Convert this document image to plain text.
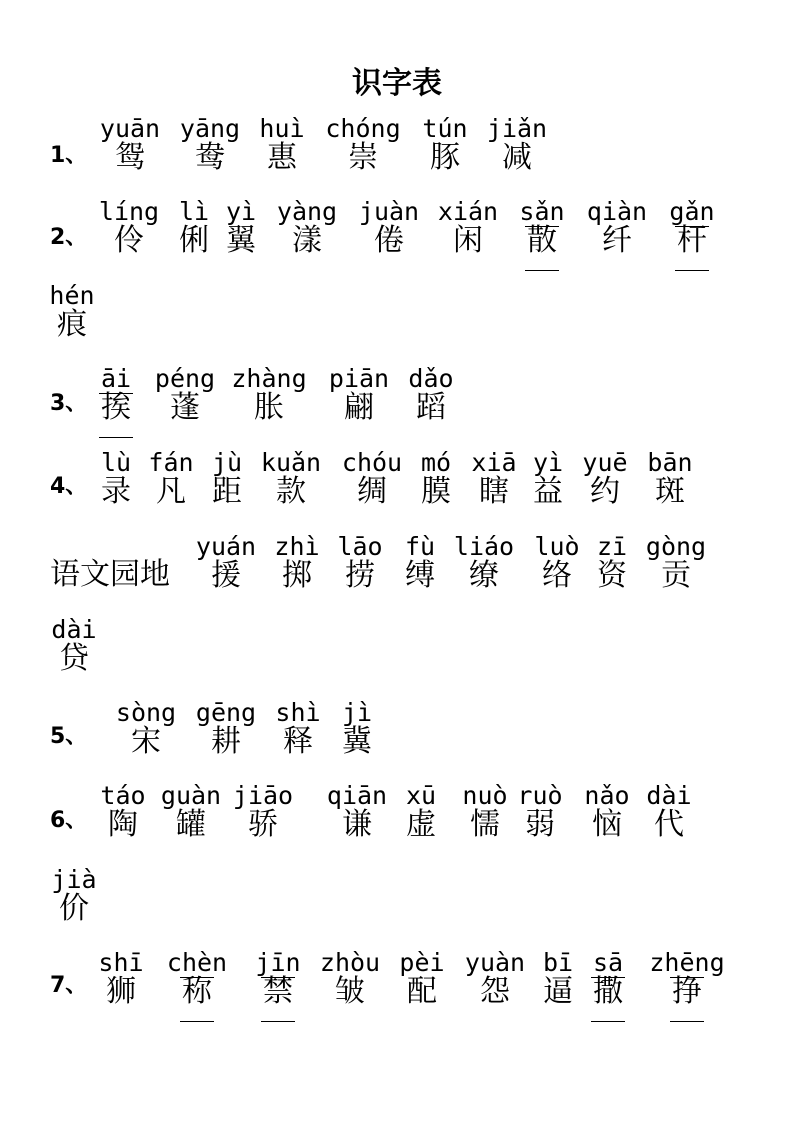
识字表
1、
yuān
鸳
yāng
鸯
huì
惠
chóng
崇
tún
豚
jiǎn
减
2、
líng
伶
lì
俐
yì
翼
yàng
漾
juàn
倦
xián
闲
sǎn
散
qiàn
纤
gǎn
杆
hén
痕
3、
āi
挨
péng
蓬
zhàng
胀
piān
翩
dǎo
蹈
4、
lù
录
fán
凡
jù
距
kuǎn
款
chóu
绸
mó
膜
xiā
瞎
yì
益
yuē
约
bān
斑
语文园地
yuán
援
zhì
掷
lāo
捞
fù
缚
liáo
缭
luò
络
zī
资
gòng
贡
dài
贷
5、
sòng
宋
gēng
耕
shì
释
jì
冀
6、
táo
陶
guàn
罐
jiāo
骄
qiān
谦
xū
虚
nuò
懦
ruò
弱
nǎo
恼
dài
代
jià
价
7、
shī
狮
chèn
称
jīn
禁
zhòu
皱
pèi
配
yuàn
怨
bī
逼
sā
撒
zhēng
挣
